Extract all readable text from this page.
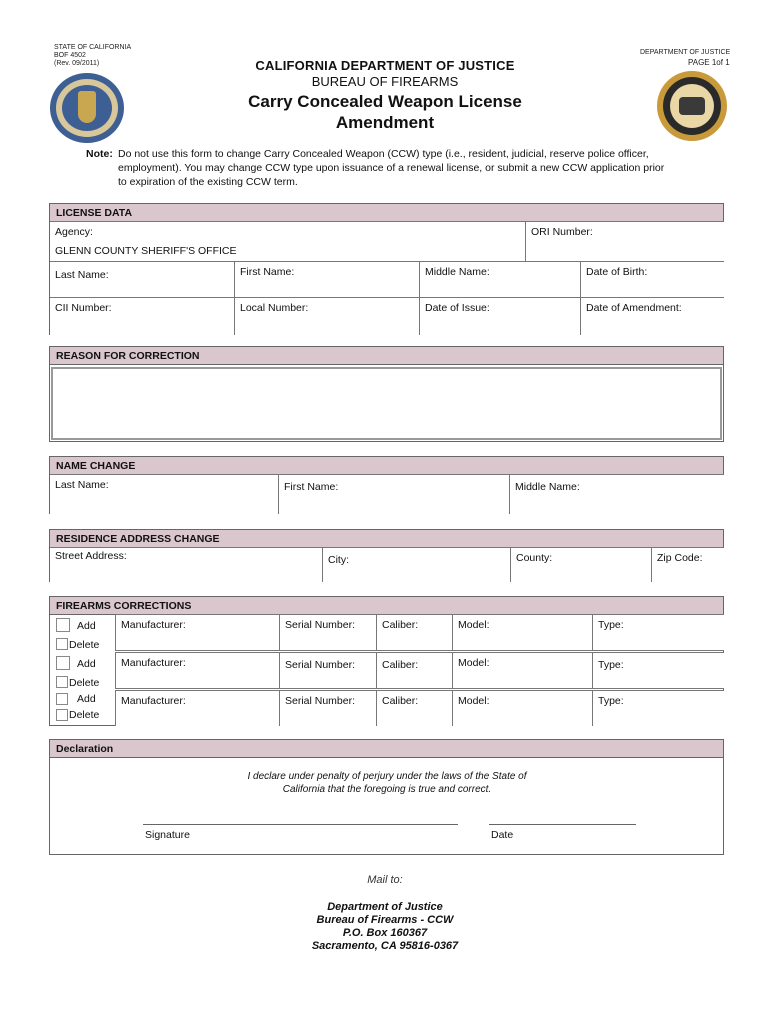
STATE OF CALIFORNIA
BOF 4502
(Rev. 09/2011)
DEPARTMENT OF JUSTICE
PAGE 1of 1
CALIFORNIA DEPARTMENT OF JUSTICE
BUREAU OF FIREARMS
Carry Concealed Weapon License
Amendment
Note: Do not use this form to change Carry Concealed Weapon (CCW) type (i.e., resident, judicial, reserve police officer,
employment). You may change CCW type upon issuance of a renewal license, or submit a new CCW application prior
to expiration of the existing CCW term.
LICENSE DATA
Agency:
GLENN COUNTY SHERIFF'S OFFICE
ORI Number:
Last Name:	First Name:	Middle Name:	Date of Birth:
CII Number:	Local Number:	Date of Issue:	Date of Amendment:
REASON FOR CORRECTION
NAME CHANGE
Last Name:	First Name:	Middle Name:
RESIDENCE ADDRESS CHANGE
Street Address:	City:	County:	Zip Code:
FIREARMS CORRECTIONS
Add
Delete
Manufacturer:	Serial Number:	Caliber:	Model:	Type:
Add
Delete
Manufacturer:	Serial Number:	Caliber:	Model:	Type:
Add
Delete
Manufacturer:	Serial Number:	Caliber:	Model:	Type:
Declaration
I declare under penalty of perjury under the laws of the State of
California that the foregoing is true and correct.
Signature	Date
Mail to:
Department of Justice
Bureau of Firearms - CCW
P.O. Box 160367
Sacramento, CA 95816-0367
